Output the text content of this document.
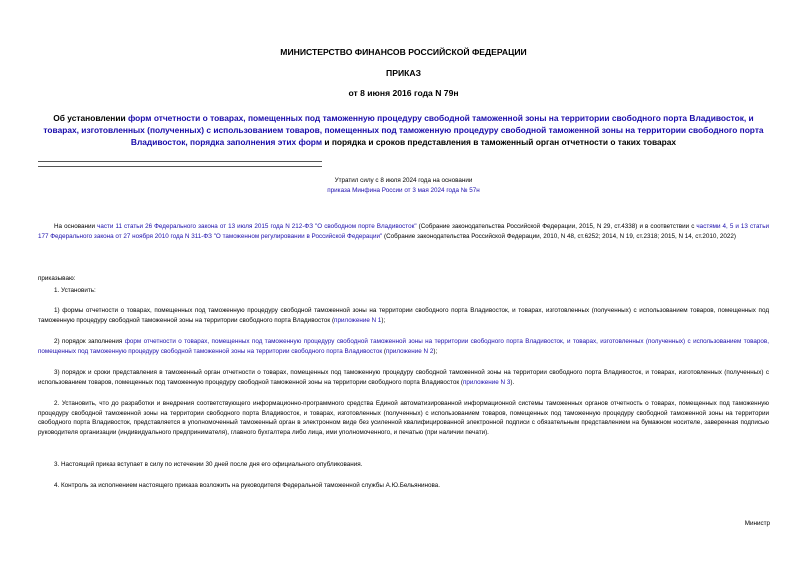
МИНИСТЕРСТВО ФИНАНСОВ РОССИЙСКОЙ ФЕДЕРАЦИИ
ПРИКАЗ
от 8 июня 2016 года N 79н
Об установлении форм отчетности о товарах, помещенных под таможенную процедуру свободной таможенной зоны на территории свободного порта Владивосток, и товарах, изготовленных (полученных) с использованием товаров, помещенных под таможенную процедуру свободной таможенной зоны на территории свободного порта Владивосток, порядка заполнения этих форм и порядка и сроков представления в таможенный орган отчетности о таких товарах
Утратил силу с 8 июля 2024 года на основании
приказа Минфина России от 3 мая 2024 года № 57н
На основании части 11 статьи 26 Федерального закона от 13 июля 2015 года N 212-ФЗ "О свободном порте Владивосток" (Собрание законодательства Российской Федерации, 2015, N 29, ст.4338) и в соответствии с частями 4, 5 и 13 статьи 177 Федерального закона от 27 ноября 2010 года N 311-ФЗ "О таможенном регулировании в Российской Федерации" (Собрание законодательства Российской Федерации, 2010, N 48, ст.6252; 2014, N 19, ст.2318; 2015, N 14, ст.2010, 2022)
приказываю:
1. Установить:
1) формы отчетности о товарах, помещенных под таможенную процедуру свободной таможенной зоны на территории свободного порта Владивосток, и товарах, изготовленных (полученных) с использованием товаров, помещенных под таможенную процедуру свободной таможенной зоны на территории свободного порта Владивосток (приложение N 1);
2) порядок заполнения форм отчетности о товарах, помещенных под таможенную процедуру свободной таможенной зоны на территории свободного порта Владивосток, и товарах, изготовленных (полученных) с использованием товаров, помещенных под таможенную процедуру свободной таможенной зоны на территории свободного порта Владивосток (приложение N 2);
3) порядок и сроки представления в таможенный орган отчетности о товарах, помещенных под таможенную процедуру свободной таможенной зоны на территории свободного порта Владивосток, и товарах, изготовленных (полученных) с использованием товаров, помещенных под таможенную процедуру свободной таможенной зоны на территории свободного порта Владивосток (приложение N 3).
2. Установить, что до разработки и внедрения соответствующего информационно-программного средства Единой автоматизированной информационной системы таможенных органов отчетность о товарах, помещенных под таможенную процедуру свободной таможенной зоны на территории свободного порта Владивосток, и товарах, изготовленных (полученных) с использованием товаров, помещенных под таможенную процедуру свободной таможенной зоны на территории свободного порта Владивосток, представляется в уполномоченный таможенный орган в электронном виде без усиленной квалифицированной электронной подписи с обязательным представлением на бумажном носителе, заверенная подписью руководителя организации (индивидуального предпринимателя), главного бухгалтера либо лица, ими уполномоченного, и печатью (при наличии печати).
3. Настоящий приказ вступает в силу по истечении 30 дней после дня его официального опубликования.
4. Контроль за исполнением настоящего приказа возложить на руководителя Федеральной таможенной службы А.Ю.Бельянинова.
Министр
